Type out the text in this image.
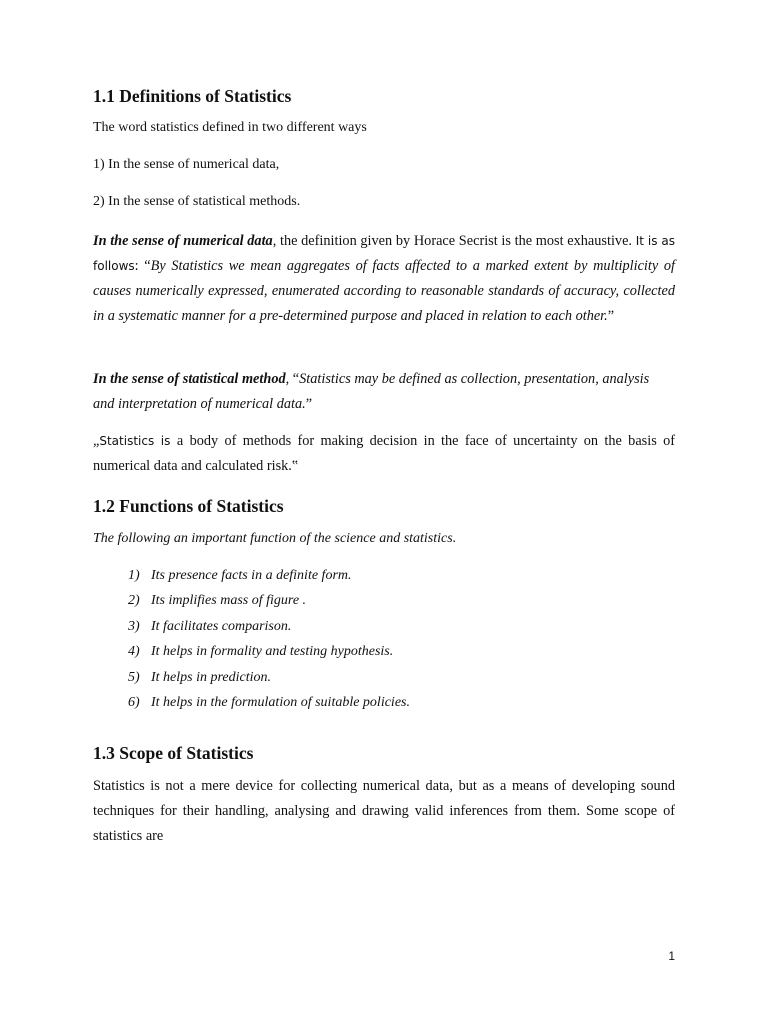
1.1 Definitions of Statistics

The word statistics defined in two different ways

1) In the sense of numerical data,

2) In the sense of statistical methods.

In the sense of numerical data, the definition given by Horace Secrist is the most exhaustive. It is as follows: “By Statistics we mean aggregates of facts affected to a marked extent by multiplicity of causes numerically expressed, enumerated according to reasonable standards of accuracy, collected in a systematic manner for a pre-determined purpose and placed in relation to each other.”

In the sense of statistical method, “Statistics may be defined as collection, presentation, analysis and interpretation of numerical data.”

„Statistics is a body of methods for making decision in the face of uncertainty on the basis of numerical data and calculated risk.‟

1.2 Functions of Statistics

The following an important function of the science and statistics.

1) Its presence facts in a definite form.
2) Its implifies mass of figure .
3) It facilitates comparison.
4) It helps in formality and testing hypothesis.
5) It helps in prediction.
6) It helps in the formulation of suitable policies.
1.3 Scope of Statistics

Statistics is not a mere device for collecting numerical data, but as a means of developing sound techniques for their handling, analysing and drawing valid inferences from them. Some scope of statistics are

1
